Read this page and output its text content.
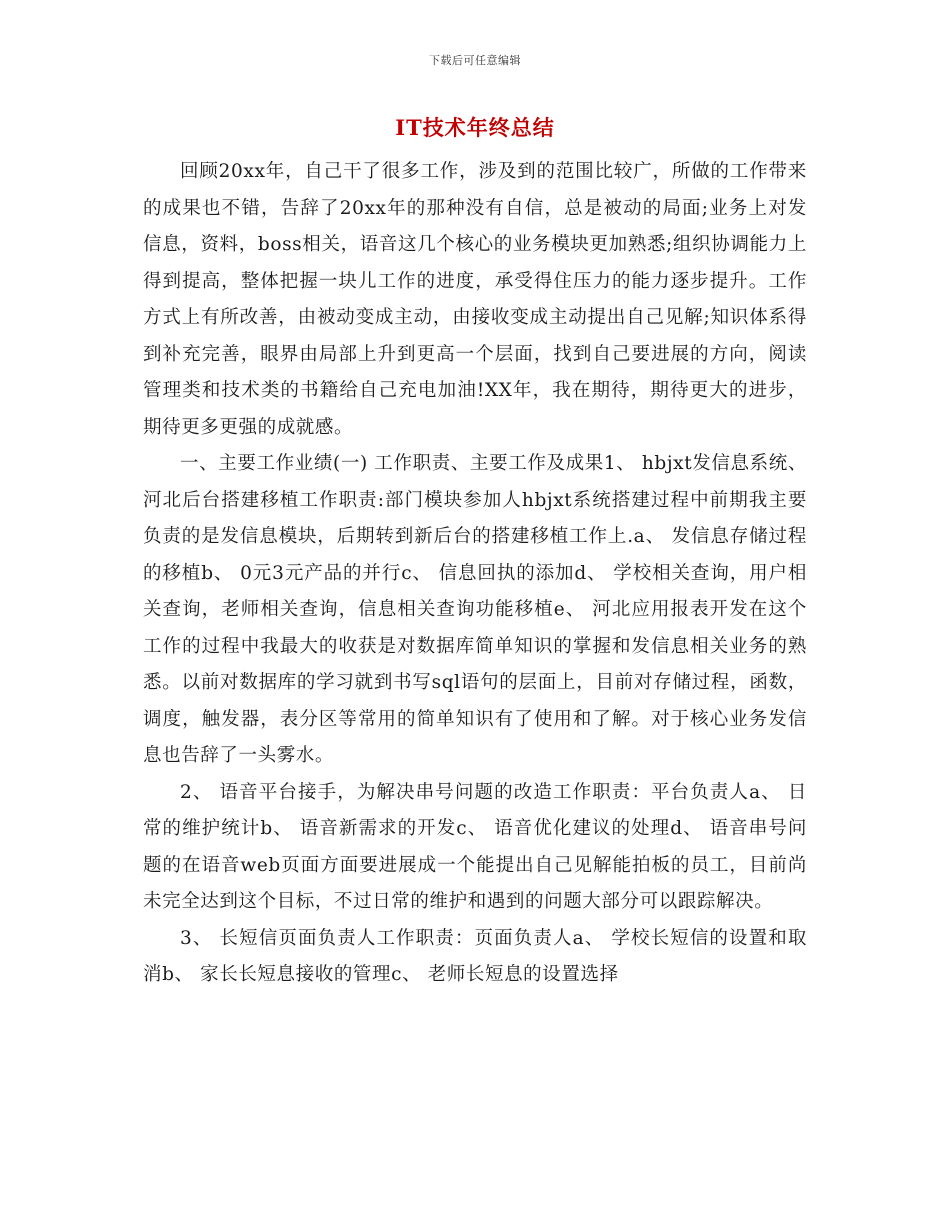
下载后可任意编辑
IT技术年终总结

回顾20xx年，自己干了很多工作，涉及到的范围比较广，所做的工作带来的成果也不错，告辞了20xx年的那种没有自信，总是被动的局面;业务上对发信息，资料，boss相关，语音这几个核心的业务模块更加熟悉;组织协调能力上得到提高，整体把握一块儿工作的进度，承受得住压力的能力逐步提升。工作方式上有所改善，由被动变成主动，由接收变成主动提出自己见解;知识体系得到补充完善，眼界由局部上升到更高一个层面，找到自己要进展的方向，阅读管理类和技术类的书籍给自己充电加油!XX年，我在期待，期待更大的进步，期待更多更强的成就感。

一、主要工作业绩(一) 工作职责、主要工作及成果1、 hbjxt发信息系统、河北后台搭建移植工作职责:部门模块参加人hbjxt系统搭建过程中前期我主要负责的是发信息模块，后期转到新后台的搭建移植工作上.a、 发信息存储过程的移植b、 0元3元产品的并行c、 信息回执的添加d、 学校相关查询，用户相关查询，老师相关查询，信息相关查询功能移植e、 河北应用报表开发在这个工作的过程中我最大的收获是对数据库简单知识的掌握和发信息相关业务的熟悉。以前对数据库的学习就到书写sql语句的层面上，目前对存储过程，函数，调度，触发器，表分区等常用的简单知识有了使用和了解。对于核心业务发信息也告辞了一头雾水。

2、 语音平台接手，为解决串号问题的改造工作职责：平台负责人a、 日常的维护统计b、 语音新需求的开发c、 语音优化建议的处理d、 语音串号问题的在语音web页面方面要进展成一个能提出自己见解能拍板的员工，目前尚未完全达到这个目标，不过日常的维护和遇到的问题大部分可以跟踪解决。

3、 长短信页面负责人工作职责：页面负责人a、 学校长短信的设置和取消b、 家长长短息接收的管理c、 老师长短息的设置选择
